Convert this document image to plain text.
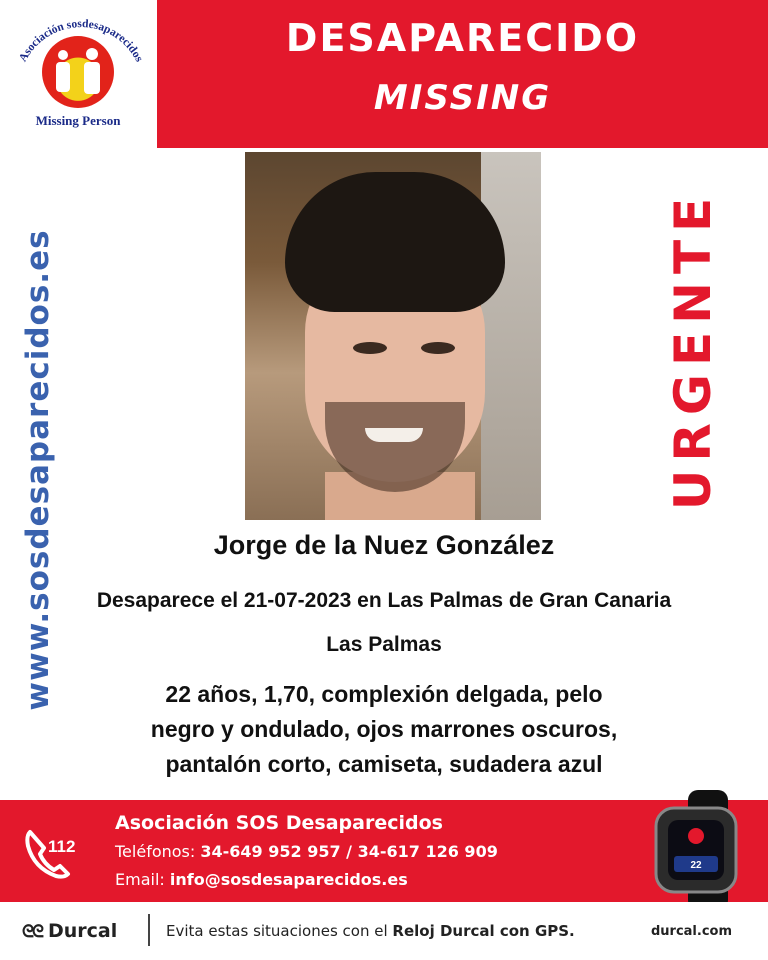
Asociación sosdesaparecidos
Missing Person
DESAPARECIDO
MISSING
www.sosdesaparecidos.es	URGENTE
Jorge de la Nuez González
Desaparece el 21-07-2023 en Las Palmas de Gran Canaria
Las Palmas
22 años, 1,70, complexión delgada, pelo
negro y ondulado, ojos marrones oscuros,
pantalón corto, camiseta, sudadera azul
112
Asociación SOS Desaparecidos
Teléfonos: 34-649 952 957 / 34-617 126 909
Email: info@sosdesaparecidos.es
22
ᘓᘓ Durcal	Evita estas situaciones con el Reloj Durcal con GPS.	durcal.com
